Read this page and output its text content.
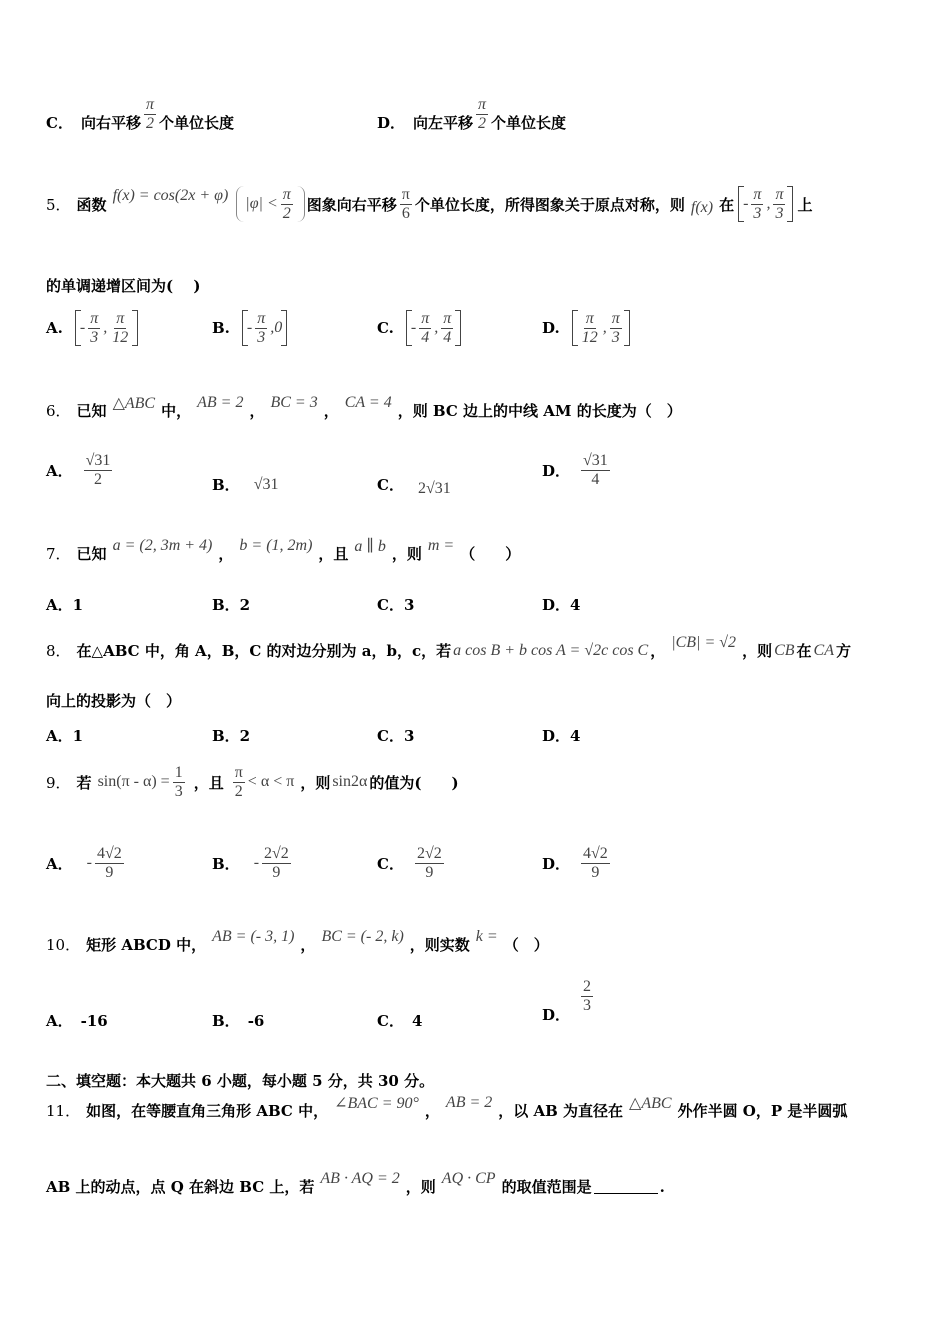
C． 向右平移 $\frac{\pi}{2}$ 个单位长度	D． 向左平移 $\frac{\pi}{2}$ 个单位长度
5． 函数 f(x) = cos(2x + φ) $|\varphi| < \frac{\pi}{2}$ 图象向右平移 $\frac{\pi}{6}$ 个单位长度，所得图象关于原点对称，则 f(x) 在 - $\frac{\pi}{3}$ , $\frac{\pi}{3}$ 上
的单调递增区间为(　 )
A. - $\frac{\pi}{3}$ , $\frac{\pi}{12}$	B. - $\frac{\pi}{3}$ , 0	C. - $\frac{\pi}{4}$ , $\frac{\pi}{4}$	D. $\frac{\pi}{12}$ , $\frac{\pi}{3}$
6． 已知 △ABC 中， AB = 2 ， BC = 3 ， CA = 4 ，则 BC 边上的中线 AM 的长度为（　）
A． $\frac{√31}{2}$	B． √31	C． 2√31
D． $\frac{√31}{4}$
7． 已知 a = (2, 3m + 4) ， b = (1, 2m) ，且 a ∥ b ，则 m = （　　）
A．1	B．2	C．3	D．4
8． 在△ABC 中，角 A，B，C 的对边分别为 a，b，c，若 a cos B + b cos A = √2c cos C ， |CB| = √2 ，则 CB 在 CA 方
向上的投影为（　）
A．1	B．2	C．3	D．4
9． 若 $\sin(\pi - \alpha) = \frac{1}{3}$ ，且 $\frac{\pi}{2} < \alpha < \pi$ ，则 sin2α 的值为(　　)
A． - $\frac{4√2}{9}$	B． - $\frac{2√2}{9}$	C． $\frac{2√2}{9}$	D． $\frac{4√2}{9}$
10． 矩形 ABCD 中， AB = (- 3, 1) ， BC = (- 2, k) ，则实数 k = （　）
A． -16	B． -6	C． 4	D．
$\frac{2}{3}$
二、填空题：本大题共 6 小题，每小题 5 分，共 30 分。
11． 如图，在等腰直角三角形 ABC 中， ∠BAC = 90° ， AB = 2 ，以 AB 为直径在 △ABC 外作半圆 O，P 是半圆弧
AB 上的动点，点 Q 在斜边 BC 上，若 AB · AQ = 2 ，则 AQ · CP 的取值范围是	.
